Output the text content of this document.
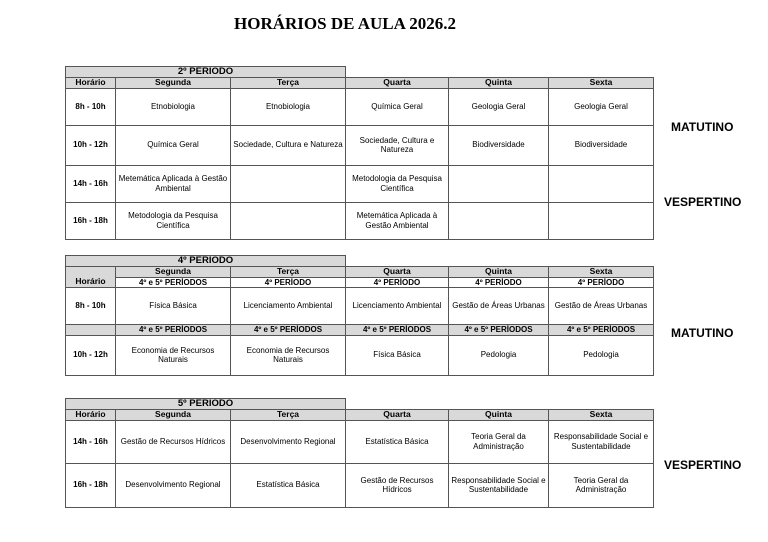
HORÁRIOS DE AULA 2026.2
2º PERÍODO
Horário	Segunda	Terça	Quarta	Quinta	Sexta
8h - 10h	Etnobiologia	Etnobiologia	Química Geral	Geologia Geral	Geologia Geral
10h - 12h	Química Geral	Sociedade, Cultura e Natureza	Sociedade, Cultura e Natureza	Biodiversidade	Biodiversidade
14h - 16h	Metemática Aplicada à Gestão Ambiental		Metodologia da Pesquisa Científica		
16h - 18h	Metodologia da Pesquisa Científica		Metemática Aplicada à Gestão Ambiental		
MATUTINO
VESPERTINO
4º PERÍODO
	Segunda	Terça	Quarta	Quinta	Sexta
Horário	4º e 5º PERÍODOS	4º PERÍODO	4º PERÍODO	4º PERÍODO	4º PERÍODO
8h - 10h	Física Básica	Licenciamento Ambiental	Licenciamento Ambiental	Gestão de Áreas Urbanas	Gestão de Áreas Urbanas
	4º e 5º PERÍODOS	4º e 5º PERÍODOS	4º e 5º PERÍODOS	4º e 5º PERÍODOS	4º e 5º PERÍODOS
10h - 12h	Economia de Recursos Naturais	Economia de Recursos Naturais	Física Básica	Pedologia	Pedologia
MATUTINO
5º PERÍODO
Horário	Segunda	Terça	Quarta	Quinta	Sexta
14h - 16h	Gestão de Recursos Hídricos	Desenvolvimento Regional	Estatística Básica	Teoria Geral da Administração	Responsabilidade Social e Sustentabilidade
16h - 18h	Desenvolvimento Regional	Estatística Básica	Gestão de Recursos Hídricos	Responsabilidade Social e Sustentabilidade	Teoria Geral da Administração
VESPERTINO
